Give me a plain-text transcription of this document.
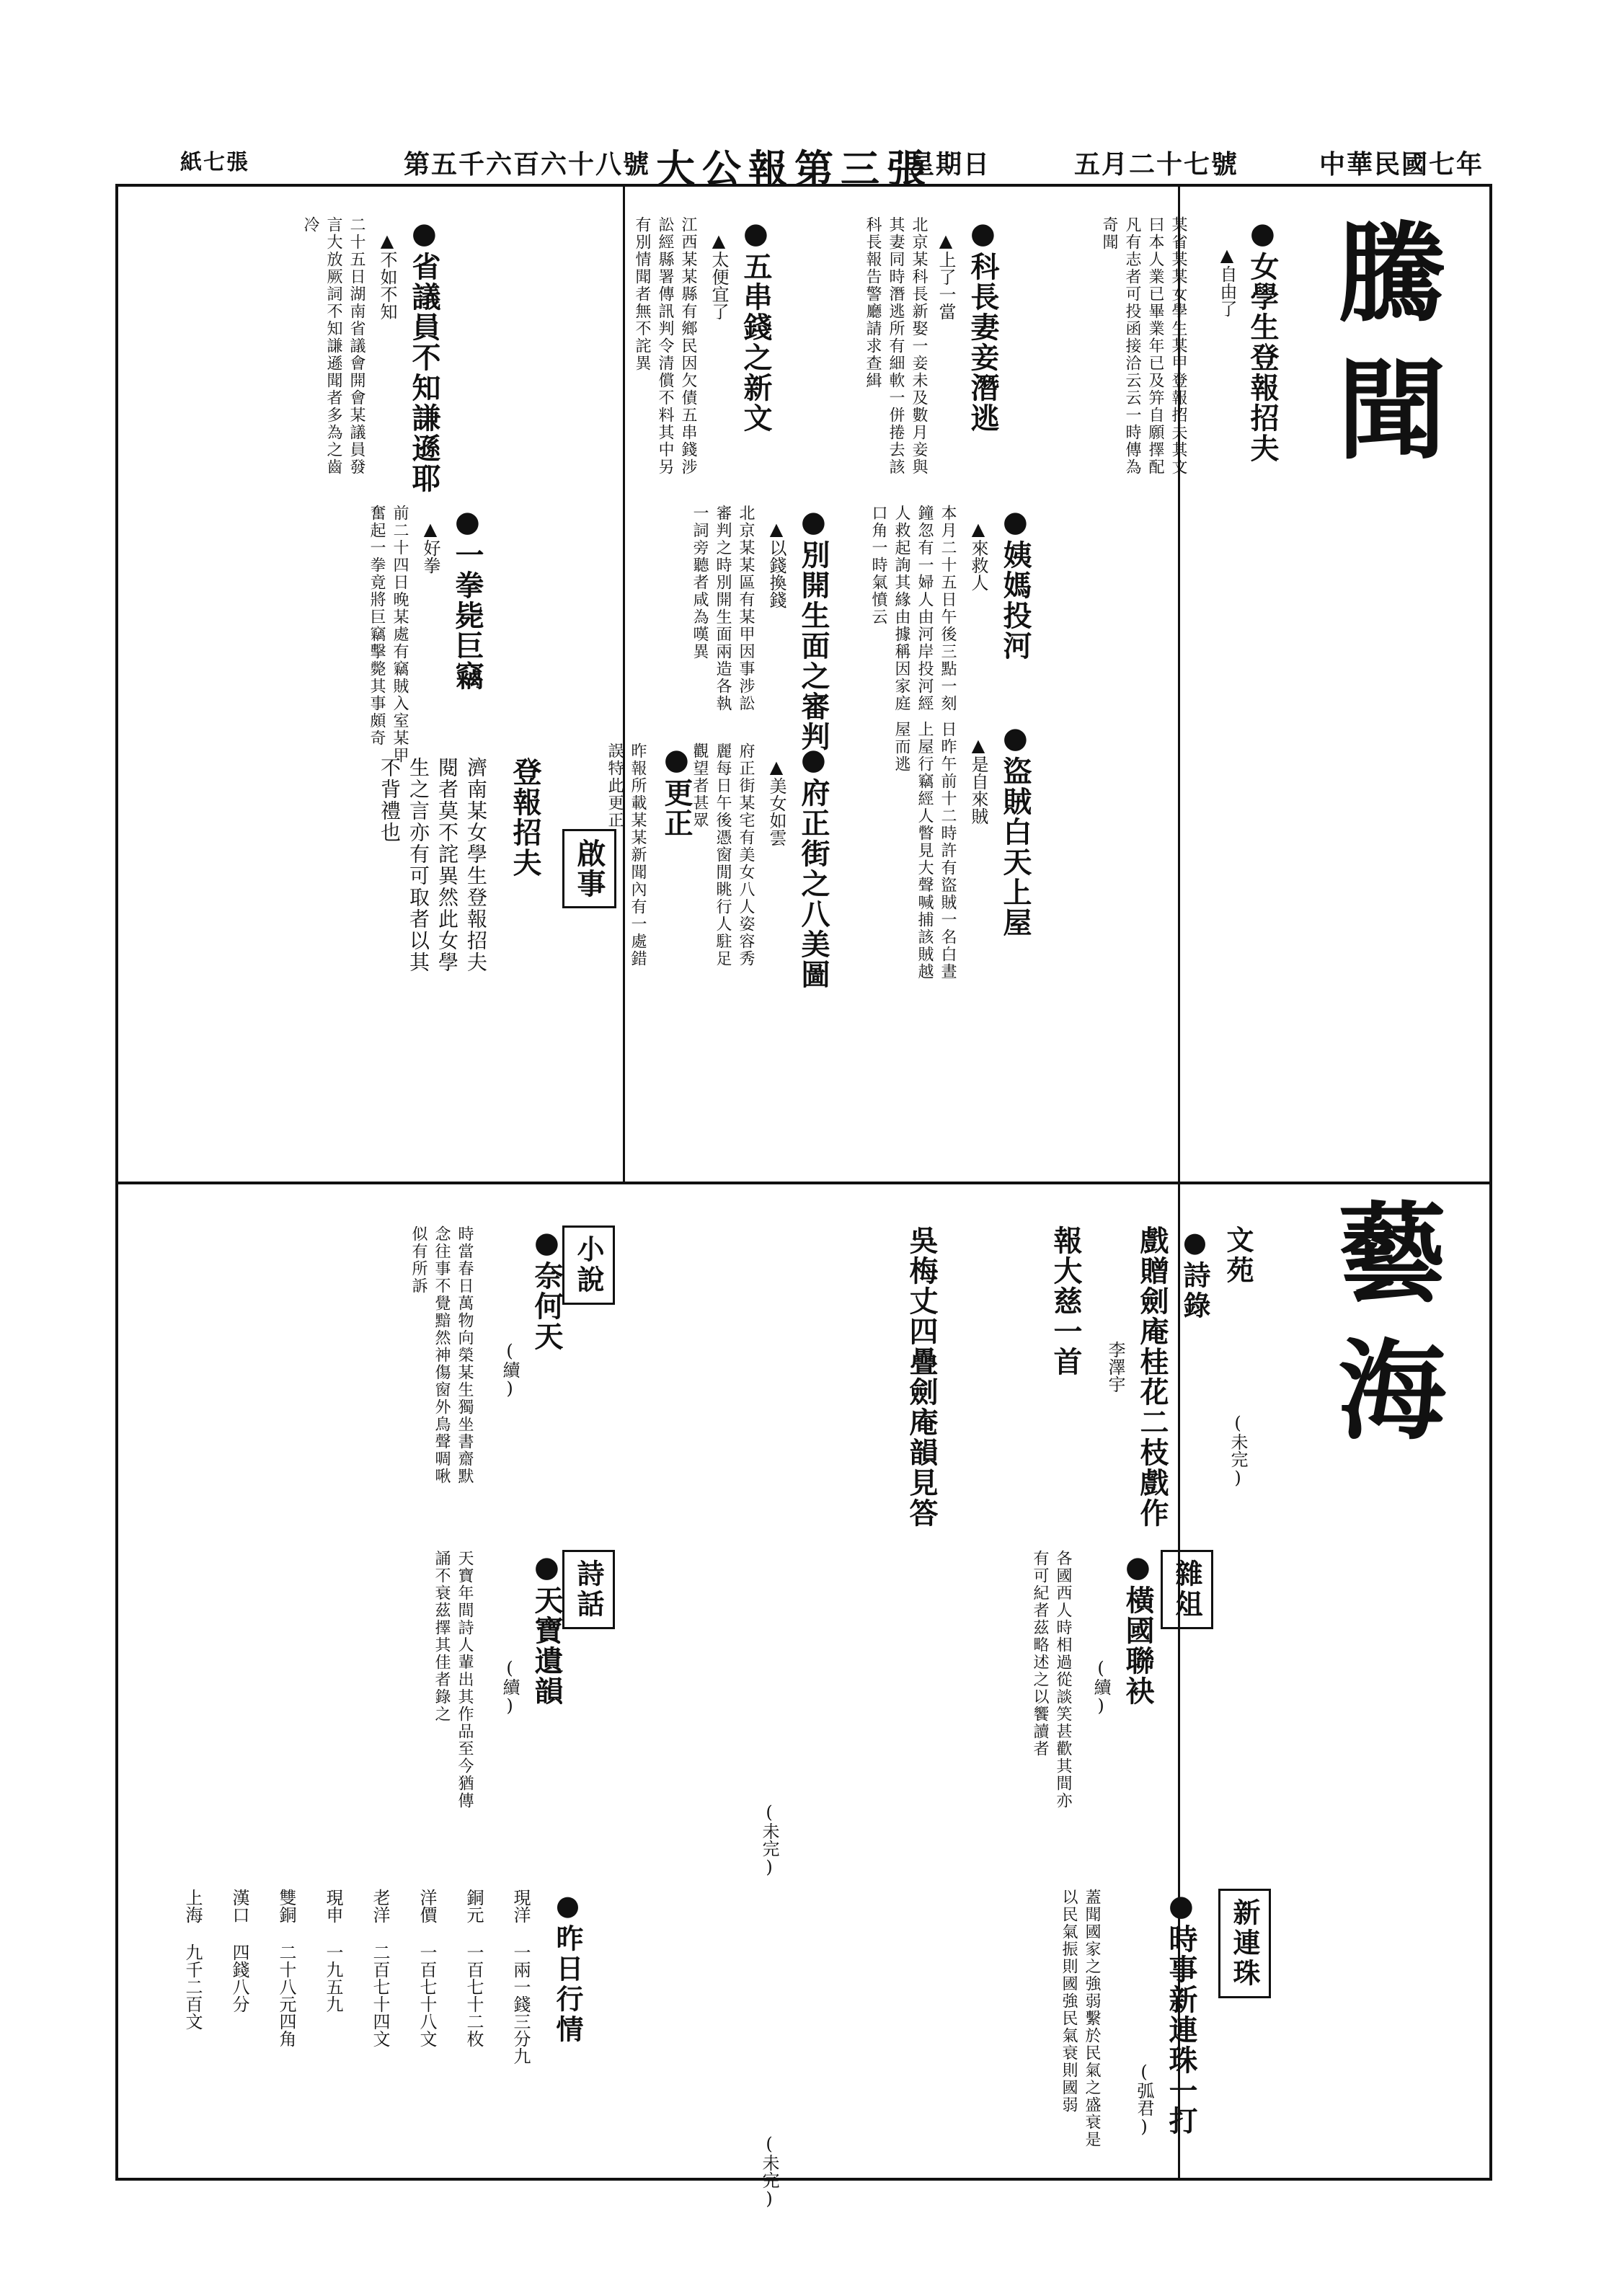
中華民國七年
五月二十七號
星期日
大公報第三張
第五千六百六十八號
紙七張
騰聞
藝海
● 女學生登報招夫
▲自由了
某省某某女學生某甲登報招夫其文曰本人業已畢業年已及笄自願擇配凡有志者可投函接洽云云一時傳為奇聞
● 科長妻妾潛逃
▲上了一當
北京某科長新娶一妾未及數月妾與其妻同時潛逃所有細軟一併捲去該科長報告警廳請求查緝
● 五串錢之新文
▲太便宜了
江西某某縣有鄉民因欠債五串錢涉訟經縣署傳訊判令清償不料其中另有別情聞者無不詫異
● 姨媽投河
▲來救人
本月二十五日午後三點一刻鐘忽有一婦人由河岸投河經人救起詢其緣由據稱因家庭口角一時氣憤云
● 別開生面之審判
▲以錢換錢
北京某某區有某甲因事涉訟審判之時別開生面兩造各執一詞旁聽者咸為嘆異
● 盜賊白天上屋
▲是自來賊
日昨午前十二時許有盜賊一名白晝上屋行竊經人瞥見大聲喊捕該賊越屋而逃
● 府正街之八美圖
▲美女如雲
府正街某宅有美女八人姿容秀麗每日午後憑窗閒眺行人駐足觀望者甚眾
● 更正
昨報所載某某新聞內有一處錯誤特此更正
● 省議員不知謙遜耶
▲不如不知
二十五日湖南省議會開會某議員發言大放厥詞不知謙遜聞者多為之齒冷
● 一拳毙巨竊
▲好拳
前二十四日晚某處有竊賊入室某甲奮起一拳竟將巨竊擊斃其事頗奇
啟事
登報招夫
濟南某女學生登報招夫閱者莫不詫異然此女學生之言亦有可取者以其不背禮也
文苑
● 詩錄
戲贈劍庵桂花二枝戲作
李澤宇
報大慈一首
吳梅丈四疊劍庵韻見答
小說
● 奈何天
(續)
時當春日萬物向榮某生獨坐書齋默念往事不覺黯然神傷窗外鳥聲啁啾似有所訴
雜俎
● 橫國聯袂
(續)
各國西人時相過從談笑甚歡其間亦有可紀者茲略述之以饗讀者
詩話
● 天寶遺韻
(續)
天寶年間詩人輩出其作品至今猶傳誦不衰茲擇其佳者錄之
新連珠
● 時事新連珠一打
(弧君)
蓋聞國家之強弱繫於民氣之盛衰是以民氣振則國強民氣衰則國弱
● 昨日行情
現洋 一兩一錢三分九
銅元 一百七十二枚
洋價 一百七十八文
老洋 二百七十四文
現申 一九五九
雙銅 二十八元四角
漢口 四錢八分
上海 九千二百文
(未完)
(未完)
(未完)
